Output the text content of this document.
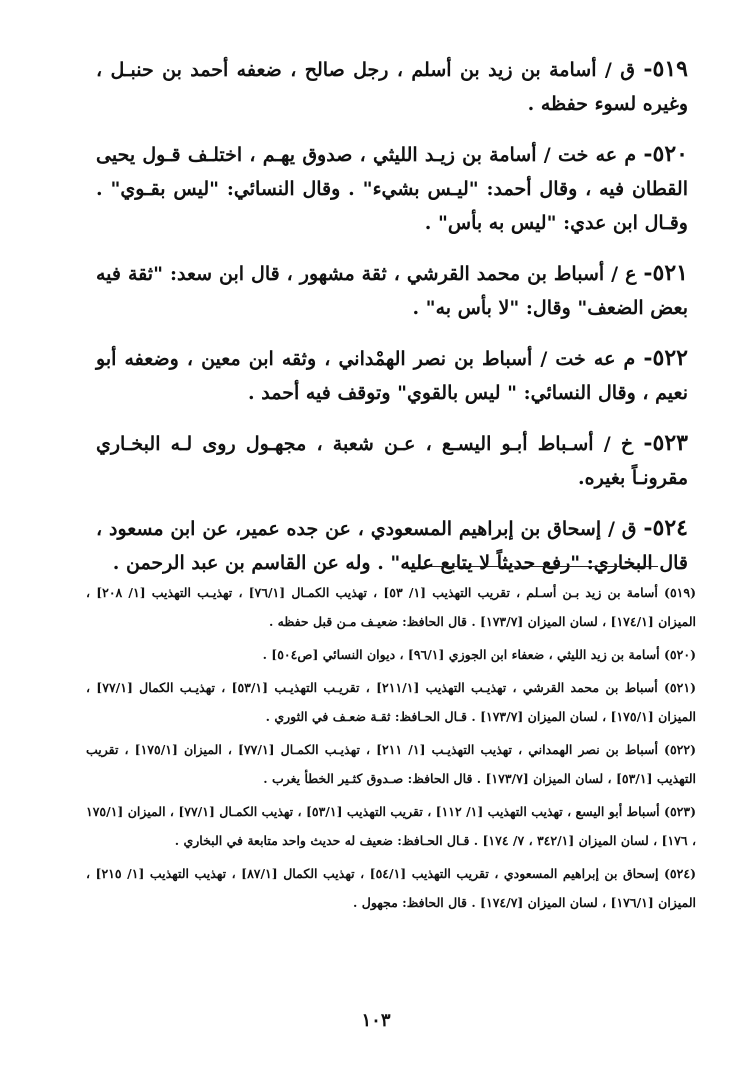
٥١٩- ق / أسامة بن زيد بن أسلم ، رجل صالح ، ضعفه أحمد بن حنبـل ، وغيره لسوء حفظه .

٥٢٠- م عه خت / أسامة بن زيـد الليثي ، صدوق يهـم ، اختلـف قـول يحيى القطان فيه ، وقال أحمد: "ليـس بشيء" . وقال النسائي: "ليس بقـوي" . وقـال ابن عدي: "ليس به بأس" .

٥٢١- ع / أسباط بن محمد القرشي ، ثقة مشهور ، قال ابن سعد: "ثقة فيه بعض الضعف" وقال: "لا بأس به" .

٥٢٢- م عه خت / أسباط بن نصر الهمْداني ، وثقه ابن معين ، وضعفه أبو نعيم ، وقال النسائي: " ليس بالقوي" وتوقف فيه أحمد .

٥٢٣- خ / أسـباط أبـو اليسـع ، عـن شعبة ، مجهـول روى لـه البخـاري مقرونـاً بغيره.

٥٢٤- ق / إسحاق بن إبراهيم المسعودي ، عن جده عمير، عن ابن مسعود ، قال البخاري: "رفع حديثاً لا يتابع عليه" . وله عن القاسم بن عبد الرحمن .

(٥١٩) أسامة بن زيد بـن أسـلم ، تقريب التهذيب [١/ ٥٣] ، تهذيب الكمـال [٧٦/١] ، تهذيـب التهذيب [١/ ٢٠٨] ، الميزان [١٧٤/١] ، لسان الميزان [١٧٣/٧] . قال الحافظ: ضعيـف مـن قبل حفظه .

(٥٢٠) أسامة بن زيد الليثي ، ضعفاء ابن الجوزي [٩٦/١] ، ديوان النسائي [ص٥٠٤] .

(٥٢١) أسباط بن محمد القرشي ، تهذيـب التهذيب [٢١١/١] ، تقريـب التهذيـب [٥٣/١] ، تهذيـب الكمال [٧٧/١] ، الميزان [١٧٥/١] ، لسان الميزان [١٧٣/٧] . قـال الحـافظ: ثقـة ضعـف في الثوري .

(٥٢٢) أسباط بن نصر الهمداني ، تهذيب التهذيـب [١/ ٢١١] ، تهذيـب الكمـال [٧٧/١] ، الميزان [١٧٥/١] ، تقريب التهذيب [٥٣/١] ، لسان الميزان [١٧٣/٧] . قال الحافظ: صـدوق كثـير الخطأ يغرب .

(٥٢٣) أسباط أبو اليسع ، تهذيب التهذيب [١/ ١١٢] ، تقريب التهذيب [٥٣/١] ، تهذيب الكمـال [٧٧/١] ، الميزان [١٧٥/١ ، ١٧٦] ، لسان الميزان [٣٤٢/١ ، ٧/ ١٧٤] . قـال الحـافظ: ضعيف له حديث واحد متابعة في البخاري .

(٥٢٤) إسحاق بن إبراهيم المسعودي ، تقريب التهذيب [٥٤/١] ، تهذيب الكمال [٨٧/١] ، تهذيب التهذيب [١/ ٢١٥] ، الميزان [١٧٦/١] ، لسان الميزان [١٧٤/٧] . قال الحافظ: مجهول .

١٠٣
